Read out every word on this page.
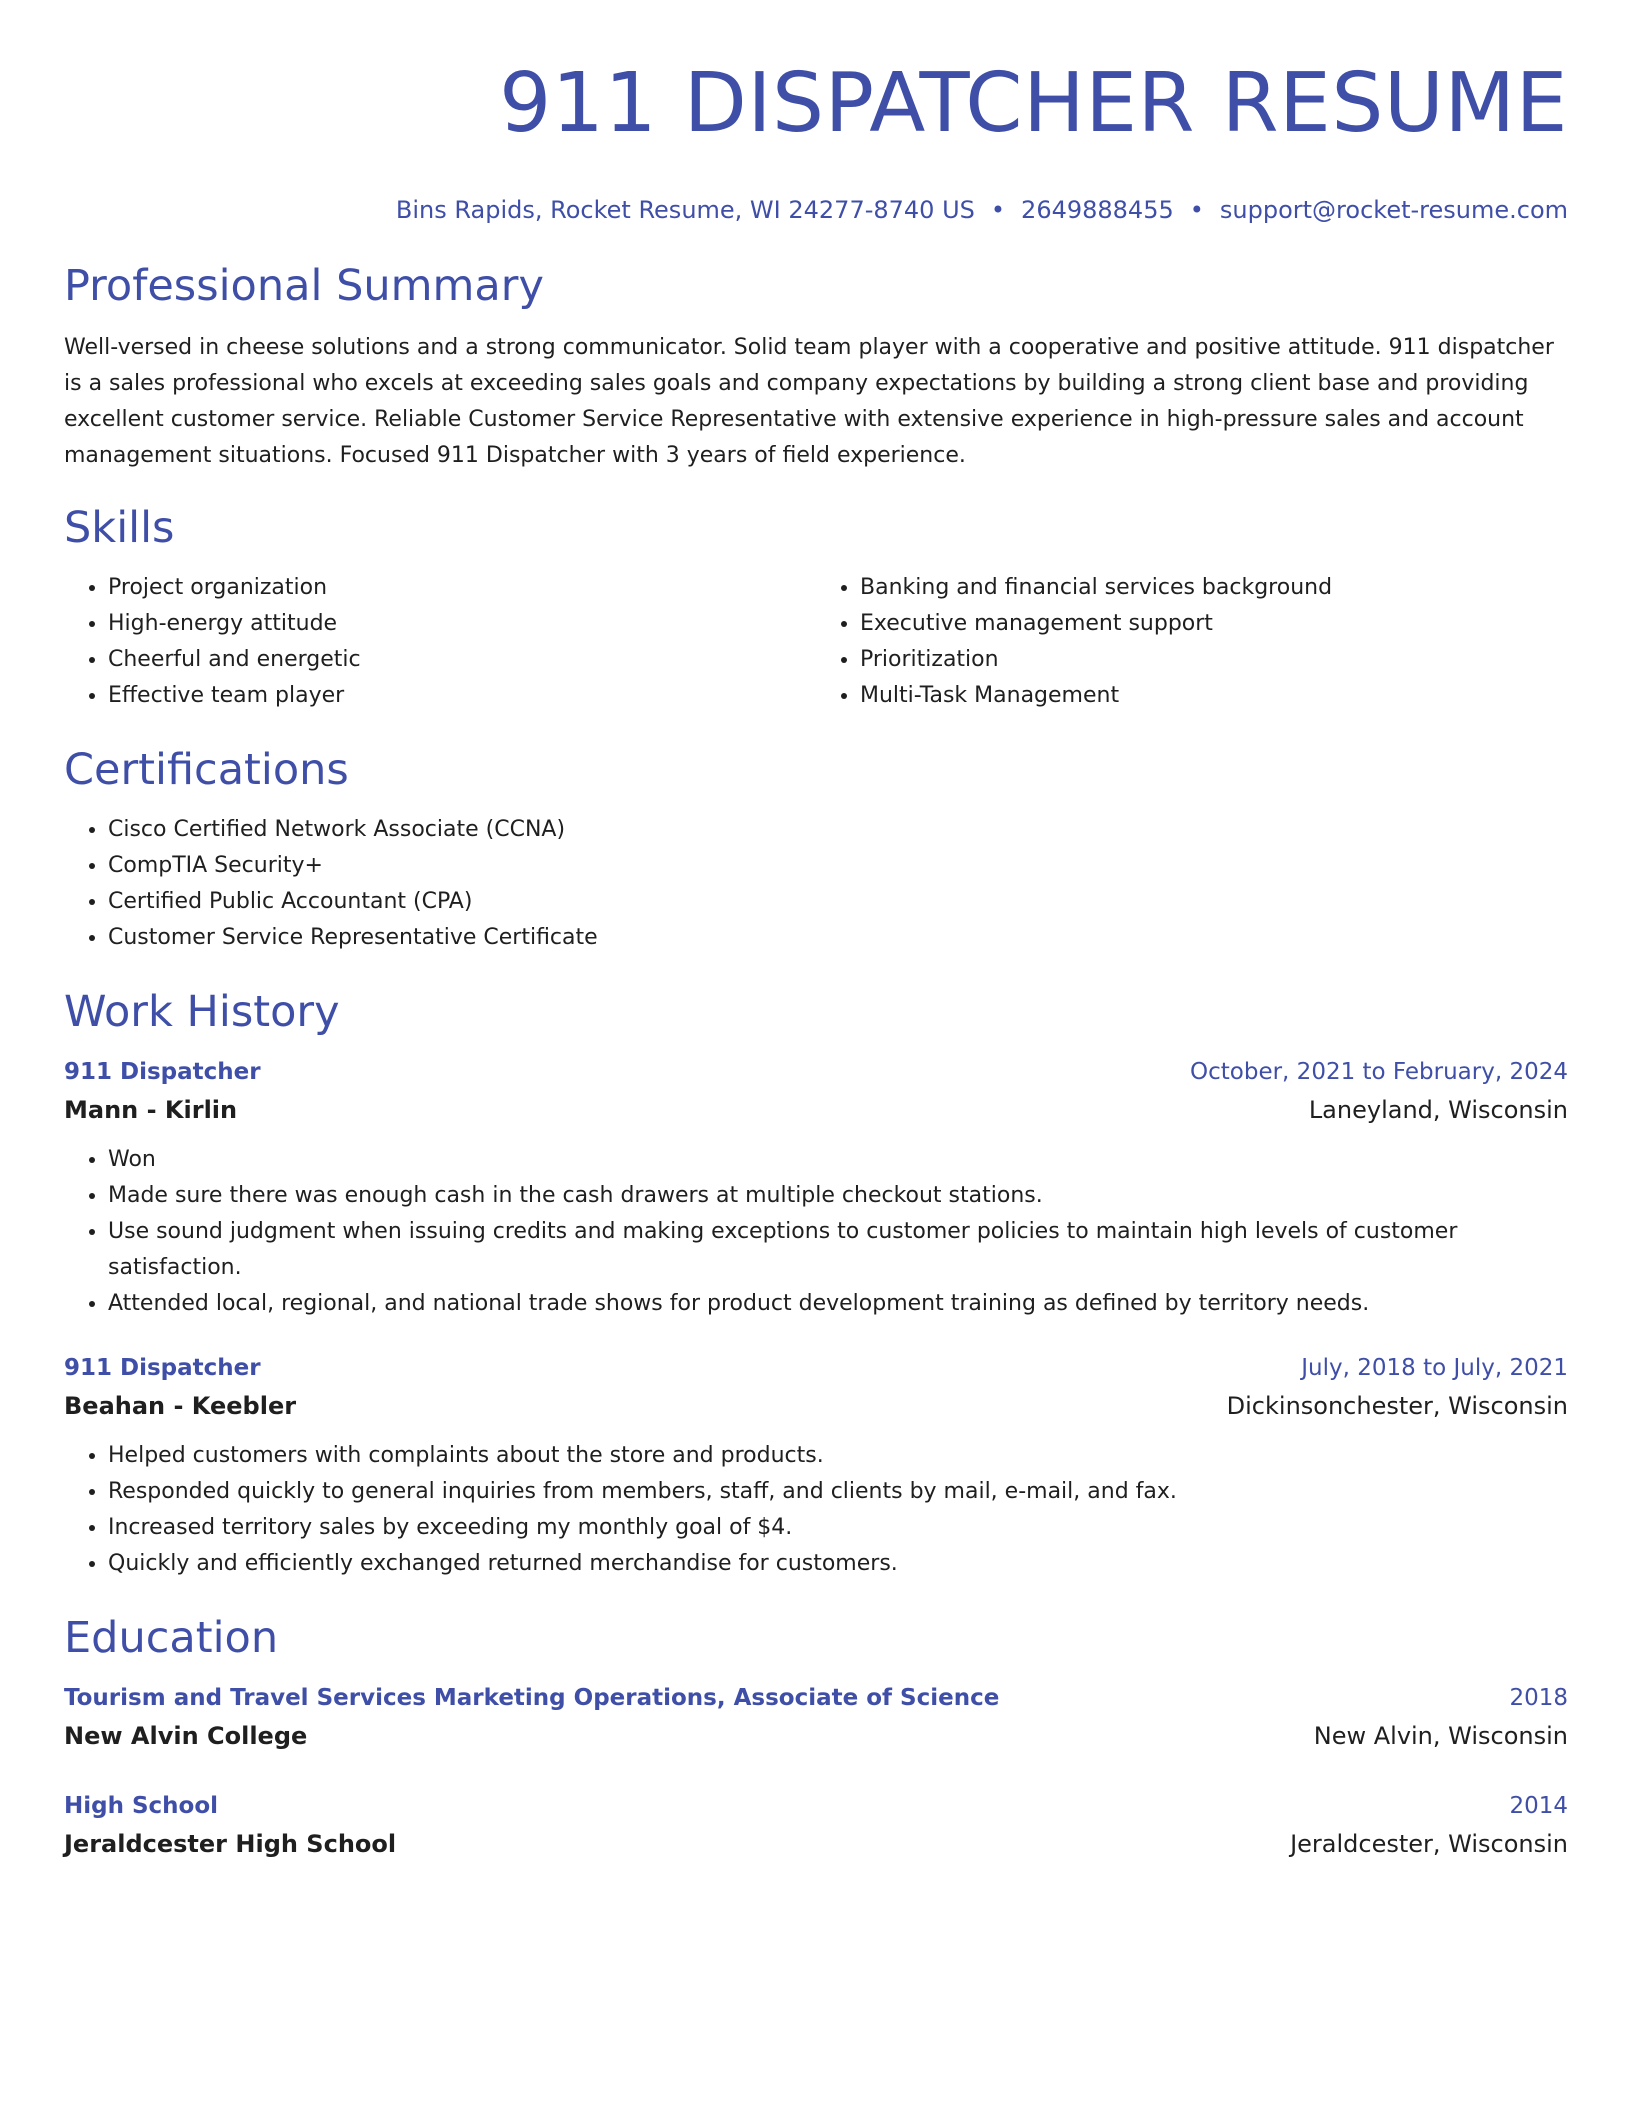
911 DISPATCHER RESUME
Bins Rapids, Rocket Resume, WI 24277-8740 US • 2649888455 • support@rocket-resume.com
Professional Summary

Well-versed in cheese solutions and a strong communicator. Solid team player with a cooperative and positive attitude. 911 dispatcher is a sales professional who excels at exceeding sales goals and company expectations by building a strong client base and providing excellent customer service. Reliable Customer Service Representative with extensive experience in high-pressure sales and account management situations. Focused 911 Dispatcher with 3 years of field experience.

Skills
• Project organization
• High-energy attitude
• Cheerful and energetic
• Effective team player
• Banking and financial services background
• Executive management support
• Prioritization
• Multi-Task Management
Certifications
• Cisco Certified Network Associate (CCNA)
• CompTIA Security+
• Certified Public Accountant (CPA)
• Customer Service Representative Certificate
Work History
911 Dispatcher	October, 2021 to February, 2024
Mann - Kirlin	Laneyland, Wisconsin
• Won
• Made sure there was enough cash in the cash drawers at multiple checkout stations.
• Use sound judgment when issuing credits and making exceptions to customer policies to maintain high levels of customer satisfaction.
• Attended local, regional, and national trade shows for product development training as defined by territory needs.
911 Dispatcher	July, 2018 to July, 2021
Beahan - Keebler	Dickinsonchester, Wisconsin
• Helped customers with complaints about the store and products.
• Responded quickly to general inquiries from members, staff, and clients by mail, e-mail, and fax.
• Increased territory sales by exceeding my monthly goal of $4.
• Quickly and efficiently exchanged returned merchandise for customers.
Education
Tourism and Travel Services Marketing Operations, Associate of Science	2018
New Alvin College	New Alvin, Wisconsin
High School	2014
Jeraldcester High School	Jeraldcester, Wisconsin
